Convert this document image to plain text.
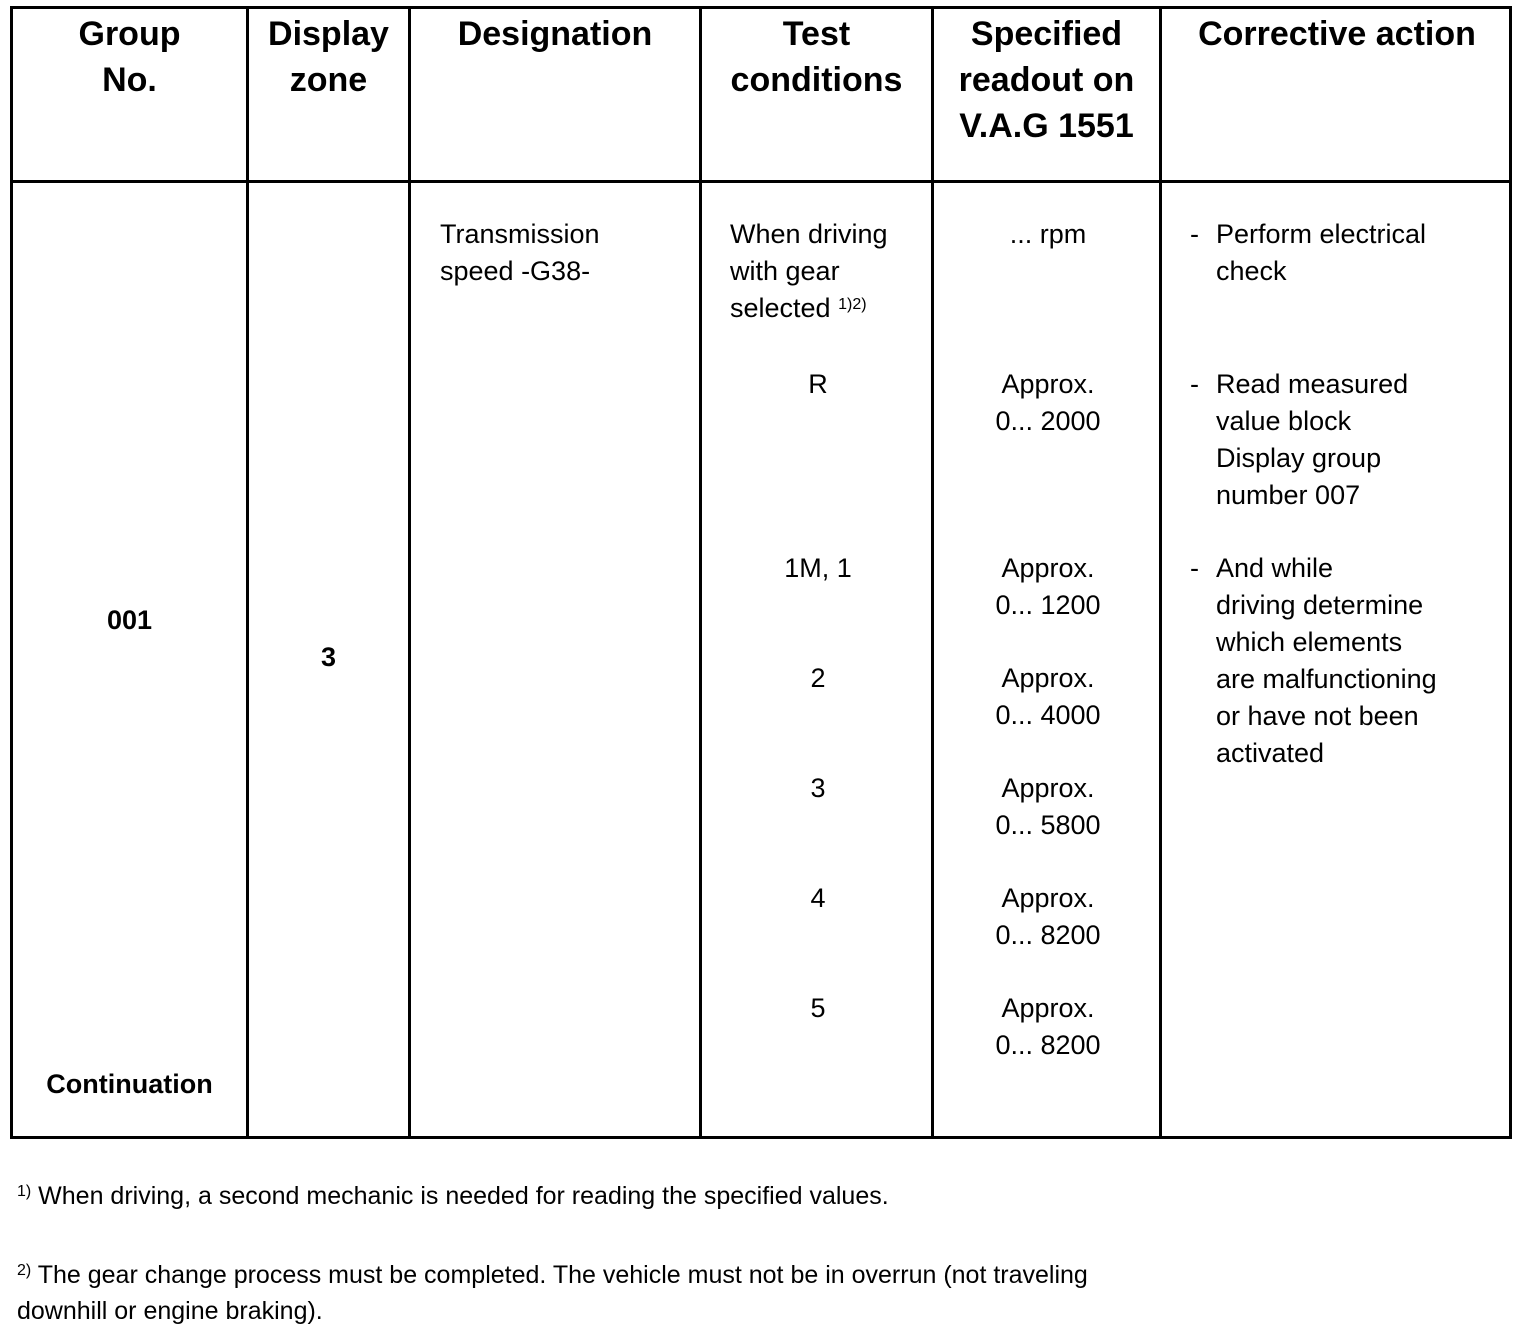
Group
No.
Display
zone
Designation	Test
conditions
Specified
readout on
V.A.G 1551
Corrective action
001
Continuation
3
Transmission
speed -G38-
When driving
with gear
selected $^{1)2)}$
R
1M, 1
2
3
4
5
... rpm
Approx.
0... 2000
Approx.
0... 1200
Approx.
0... 4000
Approx.
0... 5800
Approx.
0... 8200
Approx.
0... 8200
- Perform electrical
check
- Read measured
value block
Display group
number 007
- And while
driving determine
which elements
are malfunctioning
or have not been
activated
$^{1)}$ When driving, a second mechanic is needed for reading the specified values.
$^{2)}$ The gear change process must be completed. The vehicle must not be in overrun (not traveling
downhill or engine braking).
